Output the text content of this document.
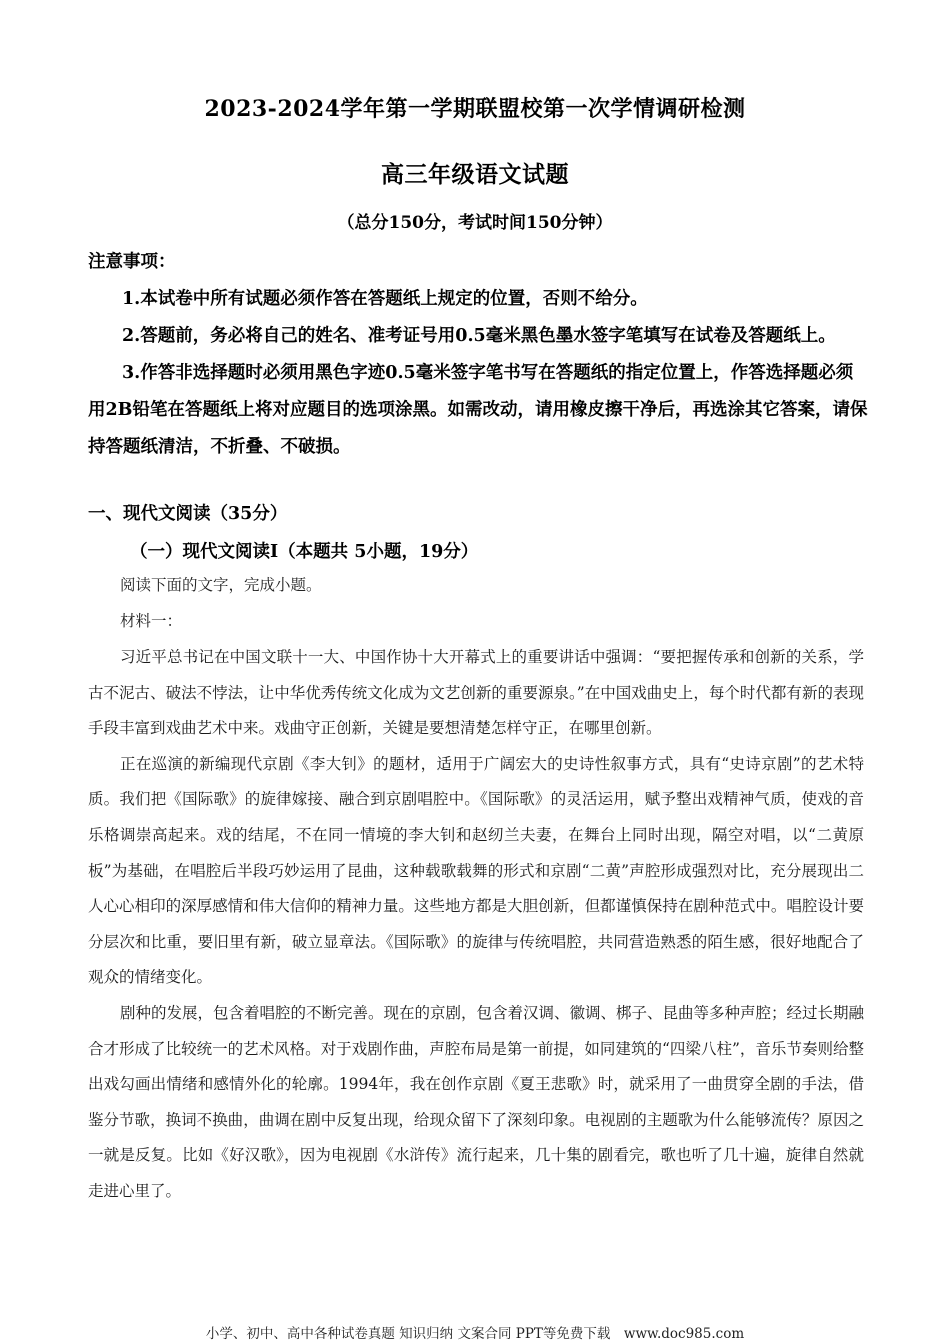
2023-2024学年第一学期联盟校第一次学情调研检测
高三年级语文试题
（总分150分，考试时间150分钟）

注意事项：

1.本试卷中所有试题必须作答在答题纸上规定的位置，否则不给分。

2.答题前，务必将自己的姓名、准考证号用0.5毫米黑色墨水签字笔填写在试卷及答题纸上。

3.作答非选择题时必须用黑色字迹0.5毫米签字笔书写在答题纸的指定位置上，作答选择题必须用2B铅笔在答题纸上将对应题目的选项涂黑。如需改动，请用橡皮擦干净后，再选涂其它答案，请保持答题纸清洁，不折叠、不破损。

一、现代文阅读（35分）
（一）现代文阅读Ⅰ（本题共 5小题，19分）
阅读下面的文字，完成小题。
材料一：

习近平总书记在中国文联十一大、中国作协十大开幕式上的重要讲话中强调：“要把握传承和创新的关系，学古不泥古、破法不悖法，让中华优秀传统文化成为文艺创新的重要源泉。”在中国戏曲史上，每个时代都有新的表现手段丰富到戏曲艺术中来。戏曲守正创新，关键是要想清楚怎样守正，在哪里创新。

正在巡演的新编现代京剧《李大钊》的题材，适用于广阔宏大的史诗性叙事方式，具有“史诗京剧”的艺术特质。我们把《国际歌》的旋律嫁接、融合到京剧唱腔中。《国际歌》的灵活运用，赋予整出戏精神气质，使戏的音乐格调崇高起来。戏的结尾，不在同一情境的李大钊和赵纫兰夫妻，在舞台上同时出现，隔空对唱，以“二黄原板”为基础，在唱腔后半段巧妙运用了昆曲，这种载歌载舞的形式和京剧“二黄”声腔形成强烈对比，充分展现出二人心心相印的深厚感情和伟大信仰的精神力量。这些地方都是大胆创新，但都谨慎保持在剧种范式中。唱腔设计要分层次和比重，要旧里有新，破立显章法。《国际歌》的旋律与传统唱腔，共同营造熟悉的陌生感，很好地配合了观众的情绪变化。

剧种的发展，包含着唱腔的不断完善。现在的京剧，包含着汉调、徽调、梆子、昆曲等多种声腔；经过长期融合才形成了比较统一的艺术风格。对于戏剧作曲，声腔布局是第一前提，如同建筑的“四梁八柱”，音乐节奏则给整出戏勾画出情绪和感情外化的轮廓。1994年，我在创作京剧《夏王悲歌》时，就采用了一曲贯穿全剧的手法，借鉴分节歌，换词不换曲，曲调在剧中反复出现，给现众留下了深刻印象。电视剧的主题歌为什么能够流传？原因之一就是反复。比如《好汉歌》，因为电视剧《水浒传》流行起来，几十集的剧看完，歌也听了几十遍，旋律自然就走进心里了。

小学、初中、高中各种试卷真题 知识归纳 文案合同 PPT等免费下载　www.doc985.com
